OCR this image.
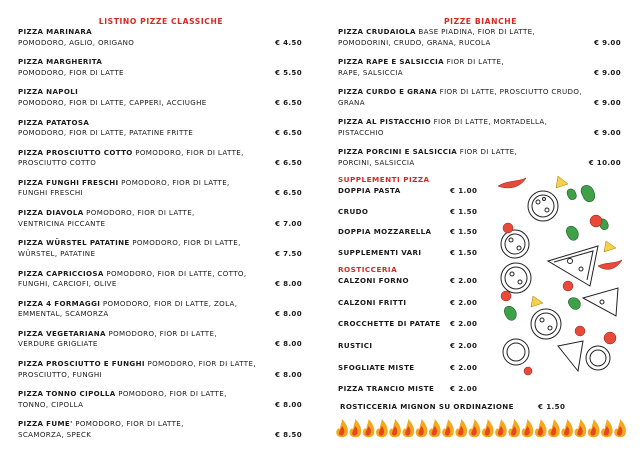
LISTINO PIZZE CLASSICHE
PIZZA MARINARA
POMODORO, AGLIO, ORIGANO	€ 4.50
PIZZA MARGHERITA
POMODORO, FIOR DI LATTE	€ 5.50
PIZZA NAPOLI
POMODORO, FIOR DI LATTE, CAPPERI, ACCIUGHE	€ 6.50
PIZZA PATATOSA
POMODORO, FIOR DI LATTE, PATATINE FRITTE	€ 6.50
PIZZA PROSCIUTTO COTTO POMODORO, FIOR DI LATTE,
PROSCIUTTO COTTO	€ 6.50
PIZZA FUNGHI FRESCHI POMODORO, FIOR DI LATTE,
FUNGHI FRESCHI	€ 6.50
PIZZA DIAVOLA POMODORO, FIOR DI LATTE,
VENTRICINA PICCANTE	€ 7.00
PIZZA WÜRSTEL PATATINE POMODORO, FIOR DI LATTE,
WÜRSTEL, PATATINE	€ 7.50
PIZZA CAPRICCIOSA POMODORO, FIOR DI LATTE, COTTO,
FUNGHI, CARCIOFI, OLIVE	€ 8.00
PIZZA 4 FORMAGGI POMODORO, FIOR DI LATTE, ZOLA,
EMMENTAL, SCAMORZA	€ 8.00
PIZZA VEGETARIANA POMODORO, FIOR DI LATTE,
VERDURE GRIGLIATE	€ 8.00
PIZZA PROSCIUTTO E FUNGHI POMODORO, FIOR DI LATTE,
PROSCIUTTO, FUNGHI	€ 8.00
PIZZA TONNO CIPOLLA POMODORO, FIOR DI LATTE,
TONNO, CIPOLLA	€ 8.00
PIZZA FUME' POMODORO, FIOR DI LATTE,
SCAMORZA, SPECK	€ 8.50
PIZZE BIANCHE
PIZZA CRUDAIOLA BASE PIADINA, FIOR DI LATTE,
POMODORINI, CRUDO, GRANA, RUCOLA	€ 9.00
PIZZA RAPE E SALSICCIA FIOR DI LATTE,
RAPE, SALSICCIA	€ 9.00
PIZZA CURDO E GRANA FIOR DI LATTE, PROSCIUTTO CRUDO,
GRANA	€ 9.00
PIZZA AL PISTACCHIO FIOR DI LATTE, MORTADELLA,
PISTACCHIO	€ 9.00
PIZZA PORCINI E SALSICCIA FIOR DI LATTE,
PORCINI, SALSICCIA	€ 10.00
SUPPLEMENTI PIZZA
DOPPIA PASTA	€ 1.00
CRUDO	€ 1.50
DOPPIA MOZZARELLA	€ 1.50
SUPPLEMENTI VARI	€ 1.50
ROSTICCERIA
CALZONI FORNO	€ 2.00
CALZONI FRITTI	€ 2.00
CROCCHETTE DI PATATE € 2.00
RUSTICI	€ 2.00
SFOGLIATE MISTE	€ 2.00
PIZZA TRANCIO MISTE € 2.00
ROSTICCERIA MIGNON SU ORDINAZIONE	€ 1.50
